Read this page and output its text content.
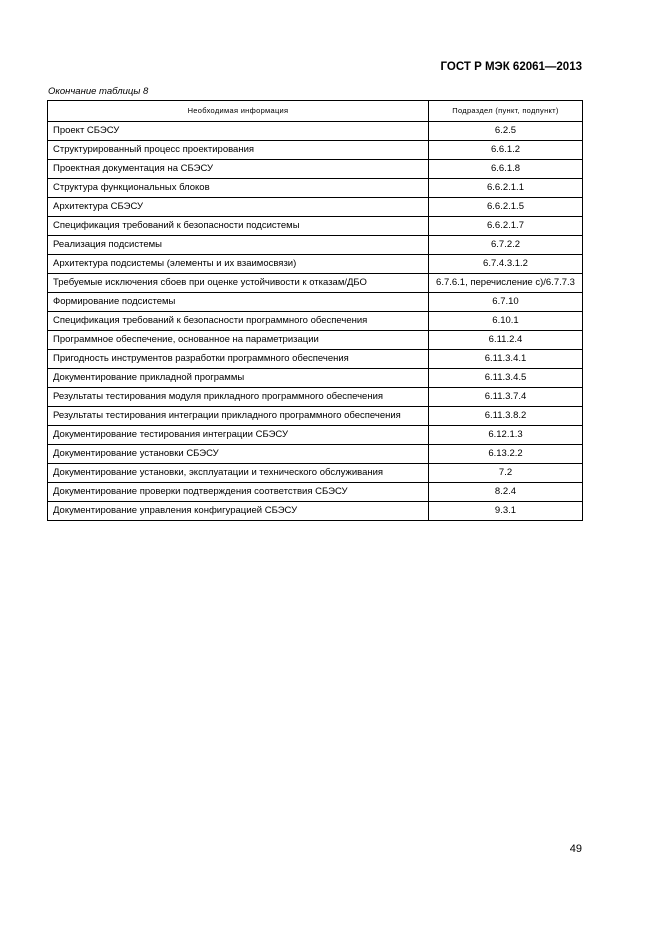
ГОСТ Р МЭК 62061—2013
Окончание таблицы 8
Необходимая информация	Подраздел (пункт, подпункт)
Проект СБЭСУ	6.2.5
Структурированный процесс проектирования	6.6.1.2
Проектная документация на СБЭСУ	6.6.1.8
Структура функциональных блоков	6.6.2.1.1
Архитектура СБЭСУ	6.6.2.1.5
Спецификация требований к безопасности подсистемы	6.6.2.1.7
Реализация подсистемы	6.7.2.2
Архитектура подсистемы (элементы и их взаимосвязи)	6.7.4.3.1.2
Требуемые исключения сбоев при оценке устойчивости к отказам/ДБО	6.7.6.1, перечисление с)/6.7.7.3
Формирование подсистемы	6.7.10
Спецификация требований к безопасности программного обеспечения	6.10.1
Программное обеспечение, основанное на параметризации	6.11.2.4
Пригодность инструментов разработки программного обеспечения	6.11.3.4.1
Документирование прикладной программы	6.11.3.4.5
Результаты тестирования модуля прикладного программного обеспечения	6.11.3.7.4
Результаты тестирования интеграции прикладного программного обеспечения	6.11.3.8.2
Документирование тестирования интеграции СБЭСУ	6.12.1.3
Документирование установки СБЭСУ	6.13.2.2
Документирование установки, эксплуатации и технического обслуживания	7.2
Документирование проверки подтверждения соответствия СБЭСУ	8.2.4
Документирование управления конфигурацией СБЭСУ	9.3.1
49
